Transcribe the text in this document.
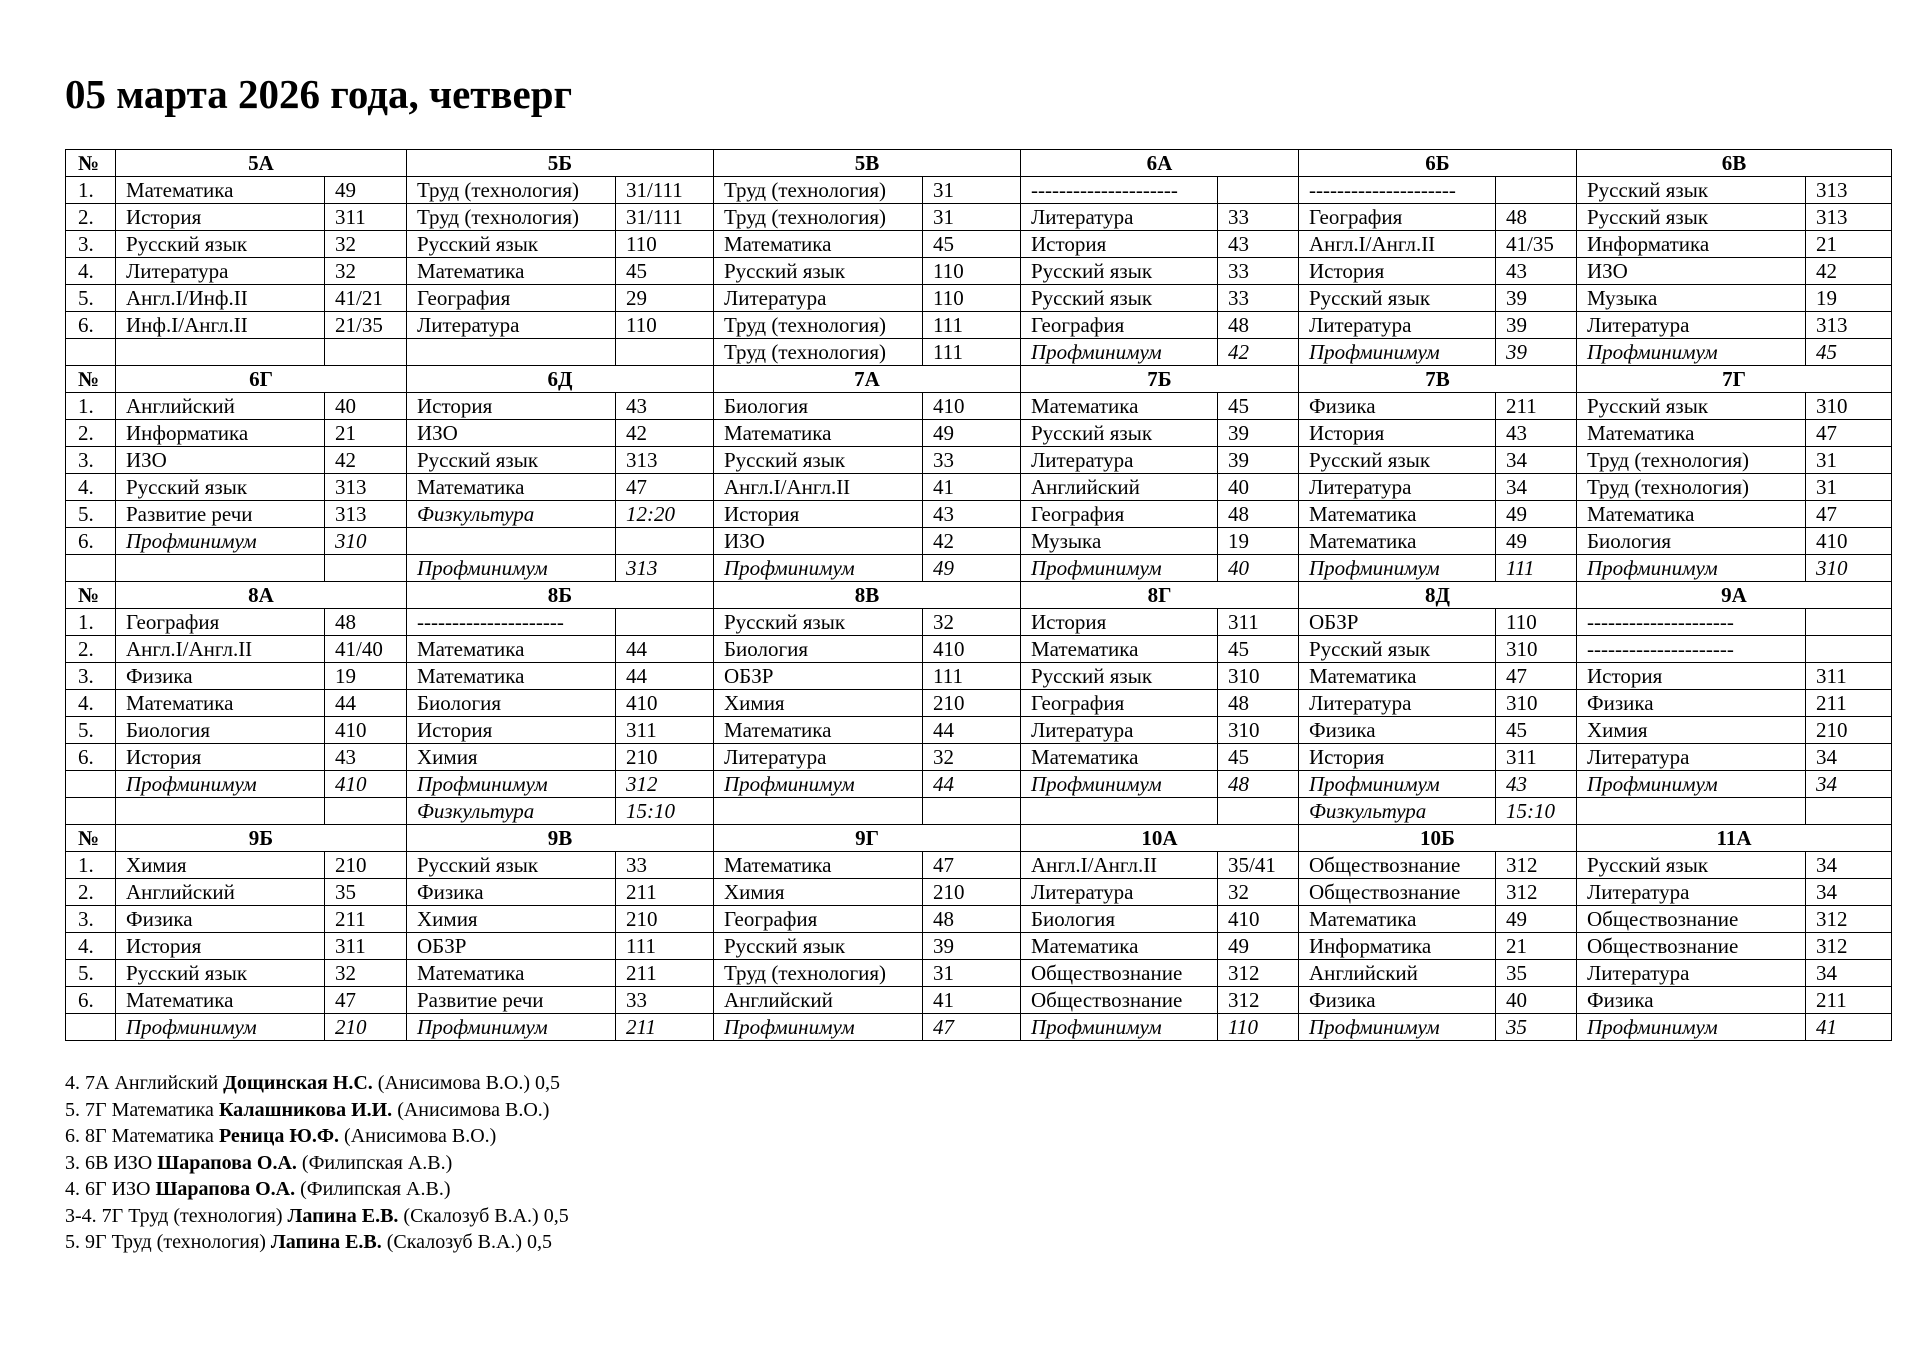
05 марта 2026 года, четверг
№	5А		5Б		5В		6А		6Б		6В	
1.	Математика	49	Труд (технология)	31/111	Труд (технология)	31	---------------------		---------------------		Русский язык	313
2.	История	311	Труд (технология)	31/111	Труд (технология)	31	Литература	33	География	48	Русский язык	313
3.	Русский язык	32	Русский язык	110	Математика	45	История	43	Англ.I/Англ.II	41/35	Информатика	21
4.	Литература	32	Математика	45	Русский язык	110	Русский язык	33	История	43	ИЗО	42
5.	Англ.I/Инф.II	41/21	География	29	Литература	110	Русский язык	33	Русский язык	39	Музыка	19
6.	Инф.I/Англ.II	21/35	Литература	110	Труд (технология)	111	География	48	Литература	39	Литература	313
					Труд (технология)	111	Профминимум	42	Профминимум	39	Профминимум	45
№	6Г		6Д		7А		7Б		7В		7Г	
1.	Английский	40	История	43	Биология	410	Математика	45	Физика	211	Русский язык	310
2.	Информатика	21	ИЗО	42	Математика	49	Русский язык	39	История	43	Математика	47
3.	ИЗО	42	Русский язык	313	Русский язык	33	Литература	39	Русский язык	34	Труд (технология)	31
4.	Русский язык	313	Математика	47	Англ.I/Англ.II	41	Английский	40	Литература	34	Труд (технология)	31
5.	Развитие речи	313	Физкультура	12:20	История	43	География	48	Математика	49	Математика	47
6.	Профминимум	310			ИЗО	42	Музыка	19	Математика	49	Биология	410
			Профминимум	313	Профминимум	49	Профминимум	40	Профминимум	111	Профминимум	310
№	8А		8Б		8В		8Г		8Д		9А	
1.	География	48	---------------------		Русский язык	32	История	311	ОБЗР	110	---------------------	
2.	Англ.I/Англ.II	41/40	Математика	44	Биология	410	Математика	45	Русский язык	310	---------------------	
3.	Физика	19	Математика	44	ОБЗР	111	Русский язык	310	Математика	47	История	311
4.	Математика	44	Биология	410	Химия	210	География	48	Литература	310	Физика	211
5.	Биология	410	История	311	Математика	44	Литература	310	Физика	45	Химия	210
6.	История	43	Химия	210	Литература	32	Математика	45	История	311	Литература	34
	Профминимум	410	Профминимум	312	Профминимум	44	Профминимум	48	Профминимум	43	Профминимум	34
			Физкультура	15:10					Физкультура	15:10		
№	9Б		9В		9Г		10А		10Б		11А	
1.	Химия	210	Русский язык	33	Математика	47	Англ.I/Англ.II	35/41	Обществознание	312	Русский язык	34
2.	Английский	35	Физика	211	Химия	210	Литература	32	Обществознание	312	Литература	34
3.	Физика	211	Химия	210	География	48	Биология	410	Математика	49	Обществознание	312
4.	История	311	ОБЗР	111	Русский язык	39	Математика	49	Информатика	21	Обществознание	312
5.	Русский язык	32	Математика	211	Труд (технология)	31	Обществознание	312	Английский	35	Литература	34
6.	Математика	47	Развитие речи	33	Английский	41	Обществознание	312	Физика	40	Физика	211
	Профминимум	210	Профминимум	211	Профминимум	47	Профминимум	110	Профминимум	35	Профминимум	41
4. 7А Английский Дощинская Н.С. (Анисимова В.О.) 0,5
5. 7Г Математика Калашникова И.И. (Анисимова В.О.)
6. 8Г Математика Реница Ю.Ф. (Анисимова В.О.)
3. 6В ИЗО Шарапова О.А. (Филипская А.В.)
4. 6Г ИЗО Шарапова О.А. (Филипская А.В.)
3-4. 7Г Труд (технология) Лапина Е.В. (Скалозуб В.А.) 0,5
5. 9Г Труд (технология) Лапина Е.В. (Скалозуб В.А.) 0,5
